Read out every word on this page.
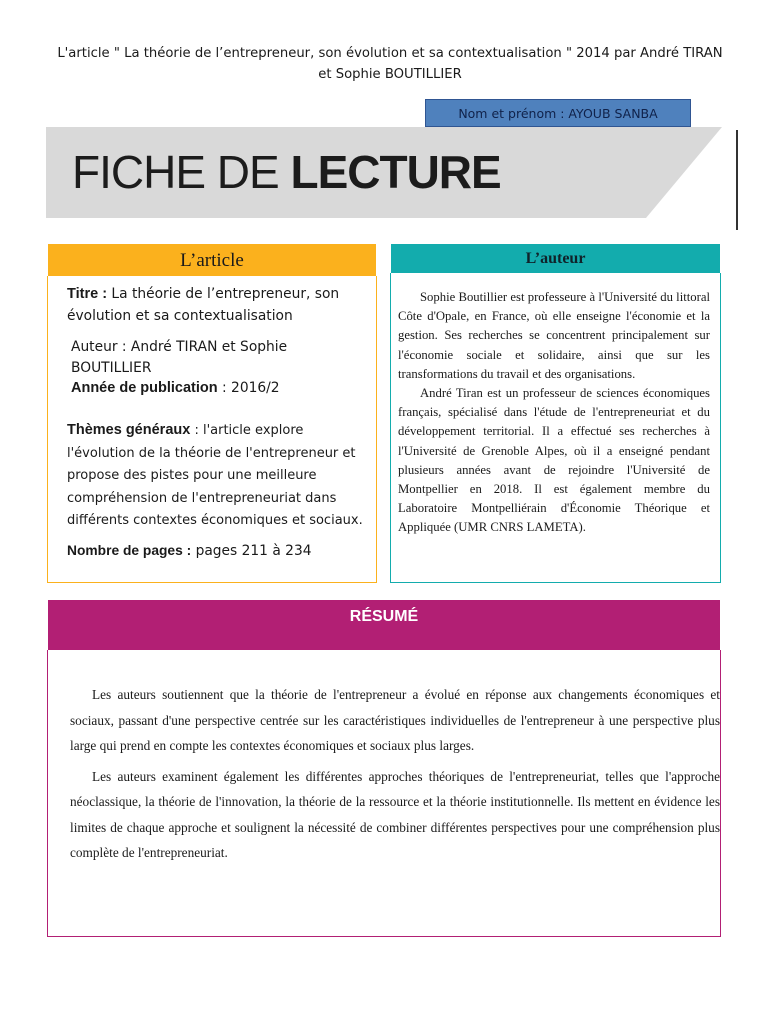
L'article " La théorie de l’entrepreneur, son évolution et sa contextualisation " 2014 par André TIRAN
et Sophie BOUTILLIER
Nom et prénom : AYOUB SANBA
FICHE DE LECTURE
L’article
Titre : La théorie de l’entrepreneur, son évolution et sa contextualisation
Auteur : André TIRAN et Sophie BOUTILLIER
Année de publication : 2016/2
Thèmes généraux : l'article explore l'évolution de la théorie de l'entrepreneur et propose des pistes pour une meilleure compréhension de l'entrepreneuriat dans différents contextes économiques et sociaux.
Nombre de pages : pages 211 à 234
L’auteur

Sophie Boutillier est professeure à l'Université du littoral Côte d'Opale, en France, où elle enseigne l'économie et la gestion. Ses recherches se concentrent principalement sur l'économie sociale et solidaire, ainsi que sur les transformations du travail et des organisations.

André Tiran est un professeur de sciences économiques français, spécialisé dans l'étude de l'entrepreneuriat et du développement territorial. Il a effectué ses recherches à l'Université de Grenoble Alpes, où il a enseigné pendant plusieurs années avant de rejoindre l'Université de Montpellier en 2018. Il est également membre du Laboratoire Montpelliérain d'Économie Théorique et Appliquée (UMR CNRS LAMETA).

RÉSUMÉ

Les auteurs soutiennent que la théorie de l'entrepreneur a évolué en réponse aux changements économiques et sociaux, passant d'une perspective centrée sur les caractéristiques individuelles de l'entrepreneur à une perspective plus large qui prend en compte les contextes économiques et sociaux plus larges.

Les auteurs examinent également les différentes approches théoriques de l'entrepreneuriat, telles que l'approche néoclassique, la théorie de l'innovation, la théorie de la ressource et la théorie institutionnelle. Ils mettent en évidence les limites de chaque approche et soulignent la nécessité de combiner différentes perspectives pour une compréhension plus complète de l'entrepreneuriat.
